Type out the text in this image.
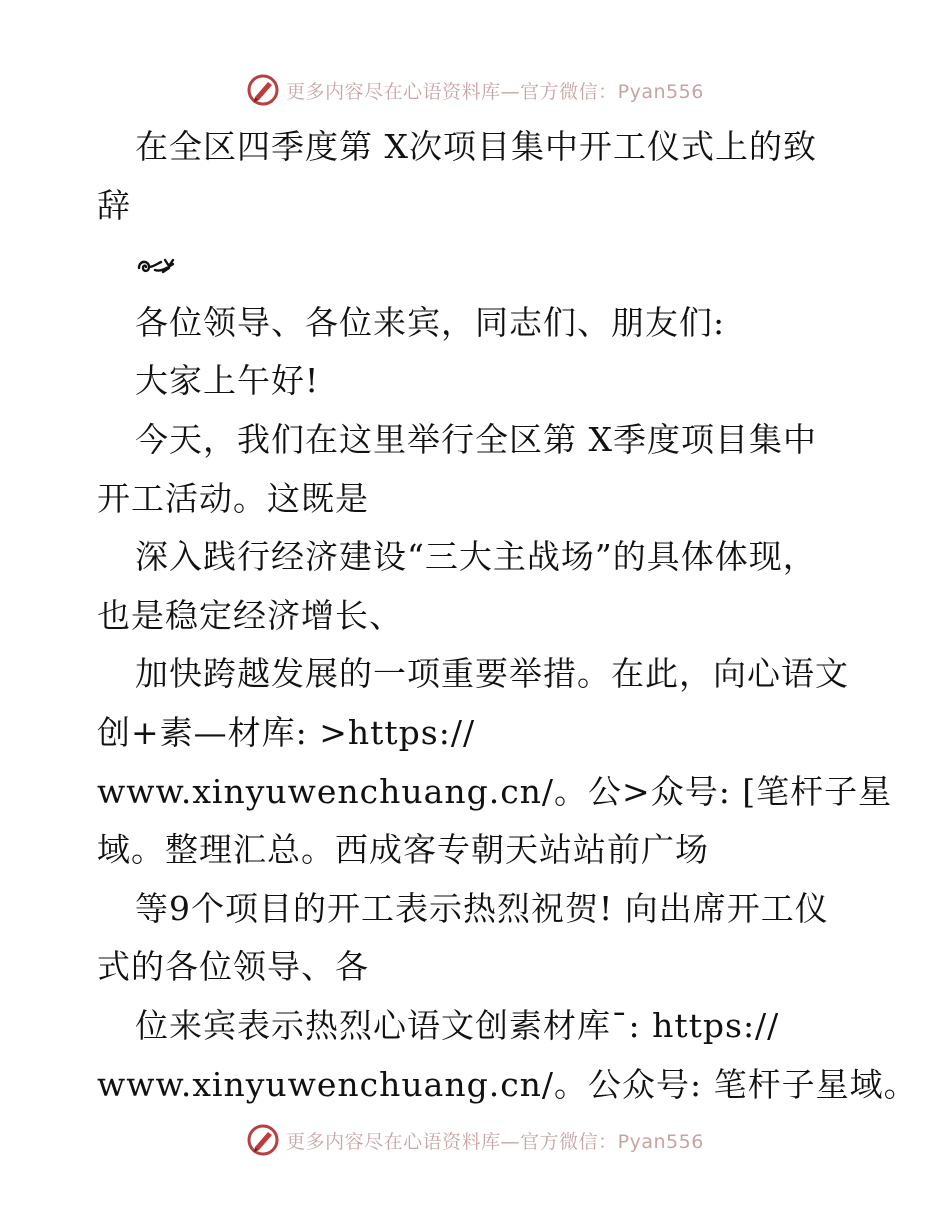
更多内容尽在心语资料库—官方微信：Pyan556
在全区四季度第 X次项目集中开工仪式上的致
辞
各位领导、各位来宾，同志们、朋友们:
大家上午好!
今天，我们在这里举行全区第 X季度项目集中
开工活动。这既是
深入践行经济建设“三大主战场”的具体体现，
也是稳定经济增长、
加快跨越发展的一项重要举措。在此，向心语文
创+素—材库: >https://
www.xinyuwenchuang.cn/。公>众号: [笔杆子星
域。整理汇总。西成客专朝天站站前广场
等9个项目的开工表示热烈祝贺! 向出席开工仪
式的各位领导、各
位来宾表示热烈心语文创素材库¯: https://
www.xinyuwenchuang.cn/。公众号: 笔杆子星域。
更多内容尽在心语资料库—官方微信：Pyan556
